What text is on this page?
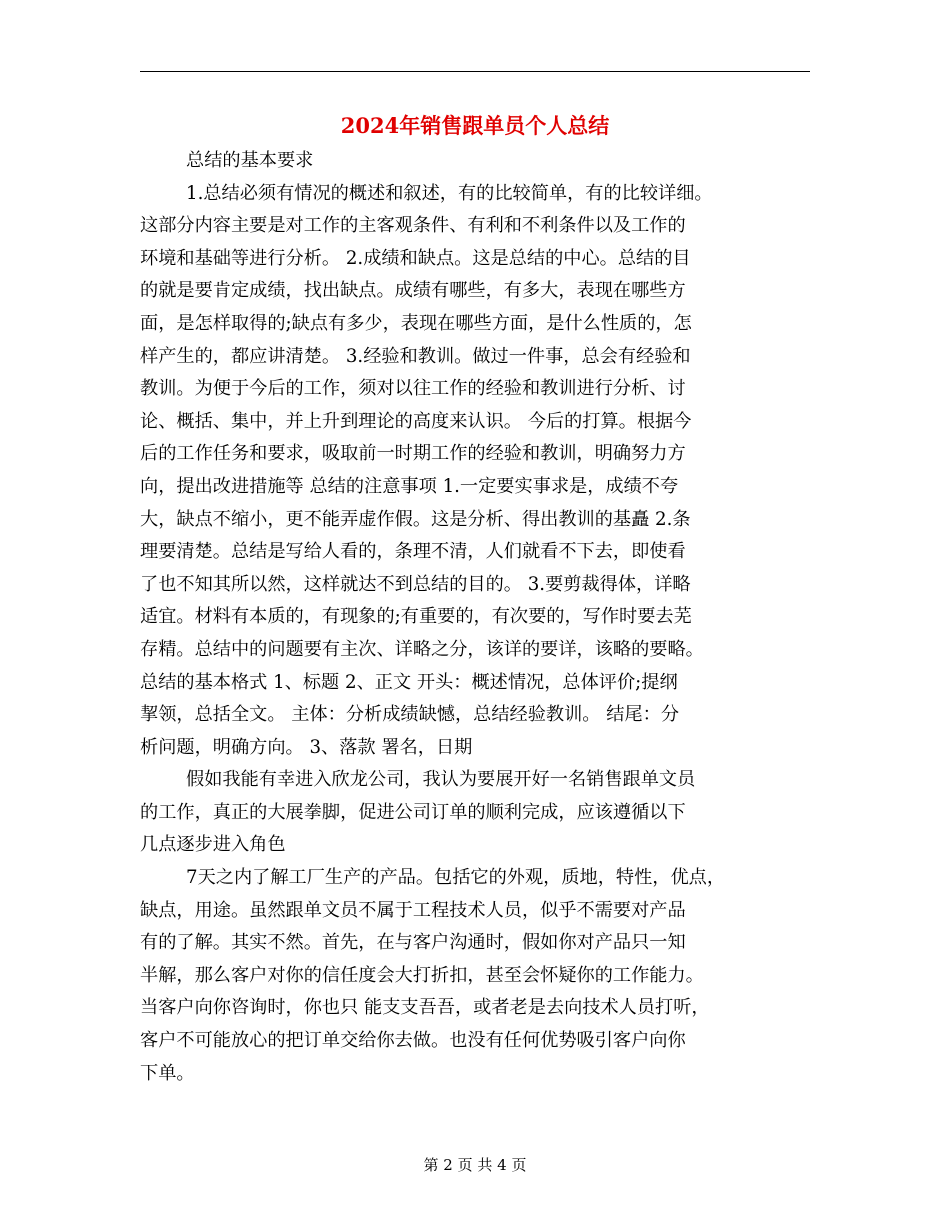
2024年销售跟单员个人总结
总结的基本要求
1.总结必须有情况的概述和叙述，有的比较简单，有的比较详细。
这部分内容主要是对工作的主客观条件、有利和不利条件以及工作的
环境和基础等进行分析。 2.成绩和缺点。这是总结的中心。总结的目
的就是要肯定成绩，找出缺点。成绩有哪些，有多大，表现在哪些方
面，是怎样取得的;缺点有多少，表现在哪些方面，是什么性质的，怎
样产生的，都应讲清楚。 3.经验和教训。做过一件事，总会有经验和
教训。为便于今后的工作，须对以往工作的经验和教训进行分析、讨
论、概括、集中，并上升到理论的高度来认识。 今后的打算。根据今
后的工作任务和要求，吸取前一时期工作的经验和教训，明确努力方
向，提出改进措施等 总结的注意事项 1.一定要实事求是，成绩不夸
大，缺点不缩小，更不能弄虚作假。这是分析、得出教训的基矗 2.条
理要清楚。总结是写给人看的，条理不清，人们就看不下去，即使看
了也不知其所以然，这样就达不到总结的目的。 3.要剪裁得体，详略
适宜。材料有本质的，有现象的;有重要的，有次要的，写作时要去芜
存精。总结中的问题要有主次、详略之分，该详的要详，该略的要略。
总结的基本格式 1、标题 2、正文 开头：概述情况，总体评价;提纲
挈领，总括全文。 主体：分析成绩缺憾，总结经验教训。 结尾：分
析问题，明确方向。 3、落款 署名，日期
假如我能有幸进入欣龙公司，我认为要展开好一名销售跟单文员
的工作，真正的大展拳脚，促进公司订单的顺利完成，应该遵循以下
几点逐步进入角色
7天之内了解工厂生产的产品。包括它的外观，质地，特性，优点，
缺点，用途。虽然跟单文员不属于工程技术人员，似乎不需要对产品
有的了解。其实不然。首先，在与客户沟通时，假如你对产品只一知
半解，那么客户对你的信任度会大打折扣，甚至会怀疑你的工作能力。
当客户向你咨询时，你也只 能支支吾吾，或者老是去向技术人员打听，
客户不可能放心的把订单交给你去做。也没有任何优势吸引客户向你
下单。
第 2 页 共 4 页
